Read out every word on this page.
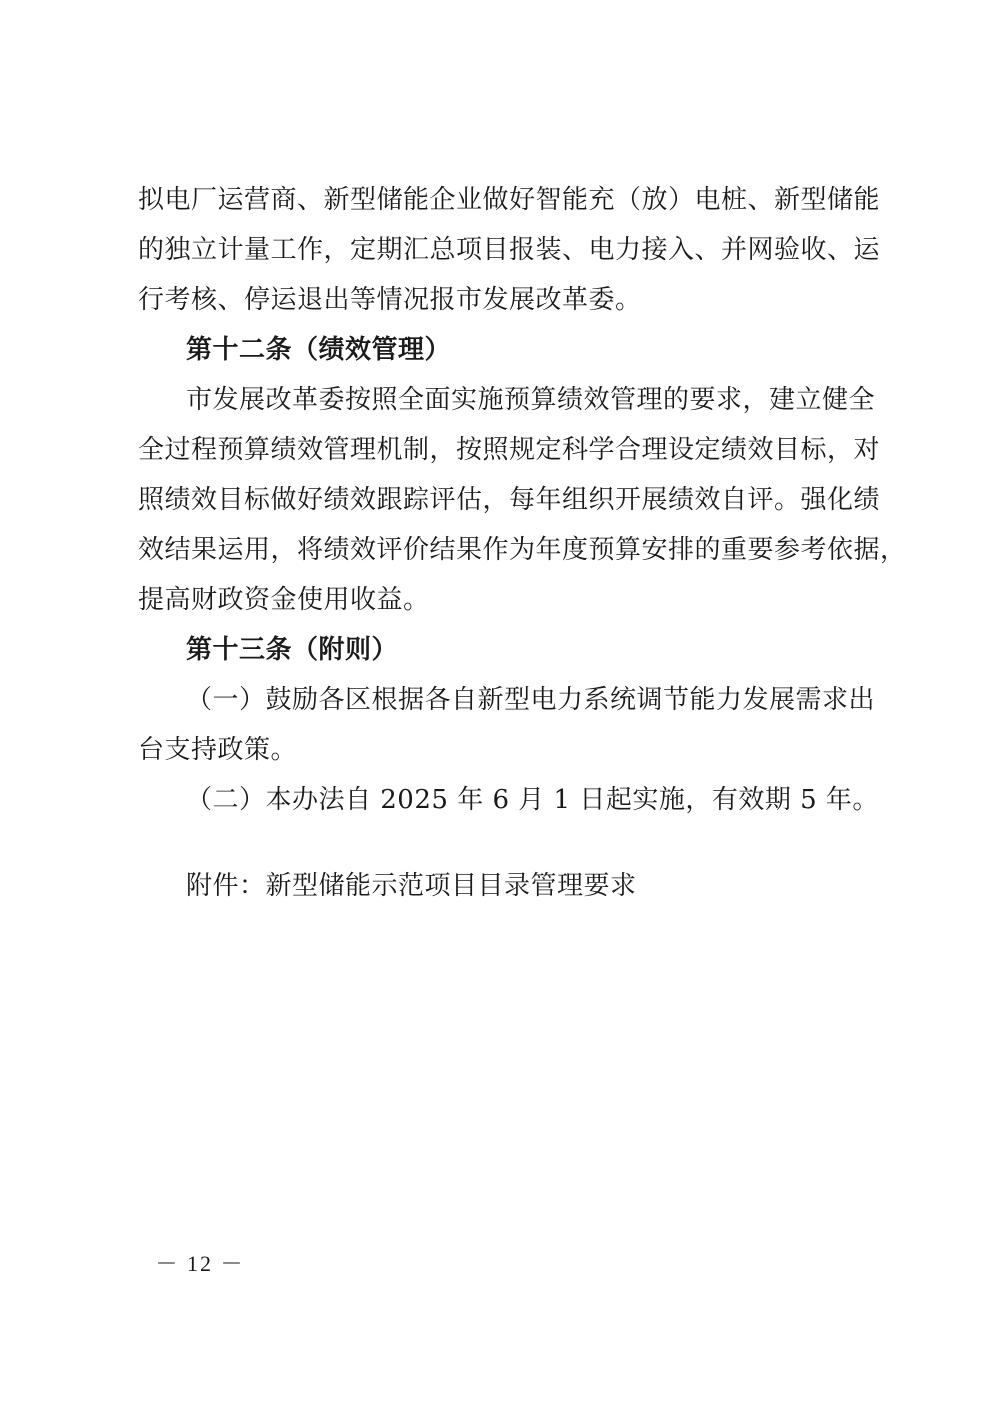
拟电厂运营商、新型储能企业做好智能充（放）电桩、新型储能
的独立计量工作，定期汇总项目报装、电力接入、并网验收、运
行考核、停运退出等情况报市发展改革委。
第十二条（绩效管理）
市发展改革委按照全面实施预算绩效管理的要求，建立健全
全过程预算绩效管理机制，按照规定科学合理设定绩效目标，对
照绩效目标做好绩效跟踪评估，每年组织开展绩效自评。强化绩
效结果运用，将绩效评价结果作为年度预算安排的重要参考依据，
提高财政资金使用收益。
第十三条（附则）
（一）鼓励各区根据各自新型电力系统调节能力发展需求出
台支持政策。
（二）本办法自 2025 年 6 月 1 日起实施，有效期 5 年。
附件：新型储能示范项目目录管理要求
－ 12 －
